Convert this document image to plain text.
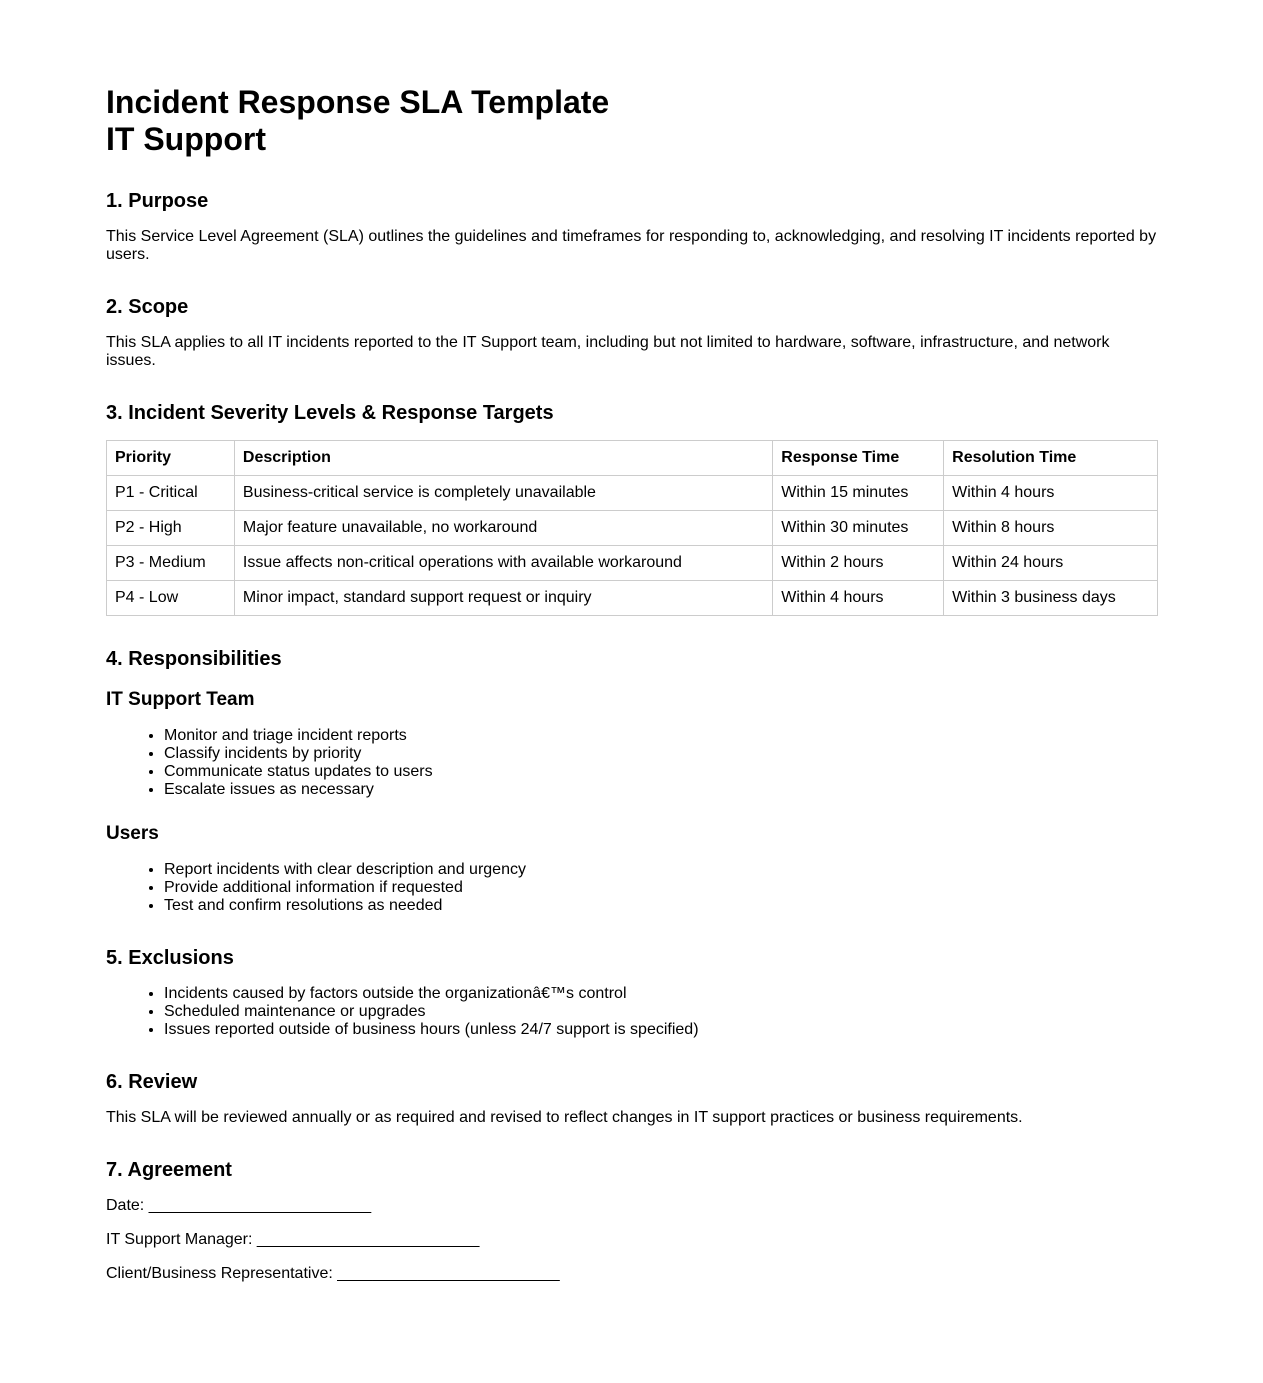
Incident Response SLA Template
IT Support
1. Purpose

This Service Level Agreement (SLA) outlines the guidelines and timeframes for responding to, acknowledging, and resolving IT incidents reported by users.

2. Scope

This SLA applies to all IT incidents reported to the IT Support team, including but not limited to hardware, software, infrastructure, and network issues.

3. Incident Severity Levels & Response Targets
Priority	Description	Response Time	Resolution Time
P1 - Critical	Business-critical service is completely unavailable	Within 15 minutes	Within 4 hours
P2 - High	Major feature unavailable, no workaround	Within 30 minutes	Within 8 hours
P3 - Medium	Issue affects non-critical operations with available workaround	Within 2 hours	Within 24 hours
P4 - Low	Minor impact, standard support request or inquiry	Within 4 hours	Within 3 business days
4. Responsibilities
IT Support Team
• Monitor and triage incident reports
• Classify incidents by priority
• Communicate status updates to users
• Escalate issues as necessary
Users
• Report incidents with clear description and urgency
• Provide additional information if requested
• Test and confirm resolutions as needed
5. Exclusions
• Incidents caused by factors outside the organizationâ€™s control
• Scheduled maintenance or upgrades
• Issues reported outside of business hours (unless 24/7 support is specified)
6. Review

This SLA will be reviewed annually or as required and revised to reflect changes in IT support practices or business requirements.

7. Agreement
Date: _________________________
IT Support Manager: _________________________
Client/Business Representative: _________________________
